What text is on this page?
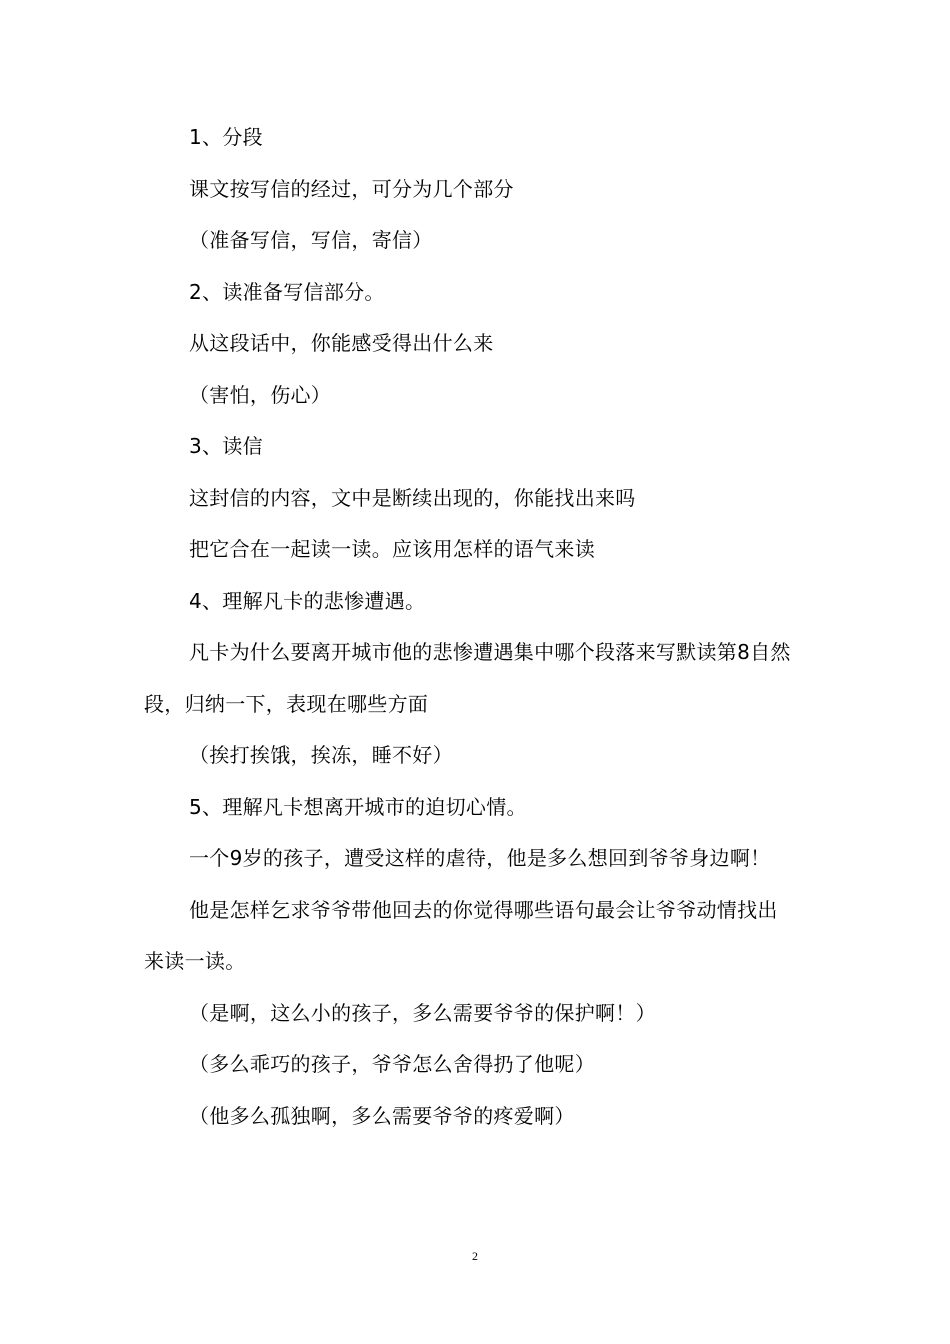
1、分段

课文按写信的经过，可分为几个部分

（准备写信，写信，寄信）

2、读准备写信部分。

从这段话中，你能感受得出什么来

（害怕，伤心）

3、读信

这封信的内容，文中是断续出现的，你能找出来吗

把它合在一起读一读。应该用怎样的语气来读

4、理解凡卡的悲惨遭遇。

凡卡为什么要离开城市他的悲惨遭遇集中哪个段落来写默读第8自然段，归纳一下，表现在哪些方面

（挨打挨饿，挨冻，睡不好）

5、理解凡卡想离开城市的迫切心情。

一个9岁的孩子，遭受这样的虐待，他是多么想回到爷爷身边啊！

他是怎样乞求爷爷带他回去的你觉得哪些语句最会让爷爷动情找出来读一读。

（是啊，这么小的孩子，多么需要爷爷的保护啊！）

（多么乖巧的孩子，爷爷怎么舍得扔了他呢）

（他多么孤独啊，多么需要爷爷的疼爱啊）

2
